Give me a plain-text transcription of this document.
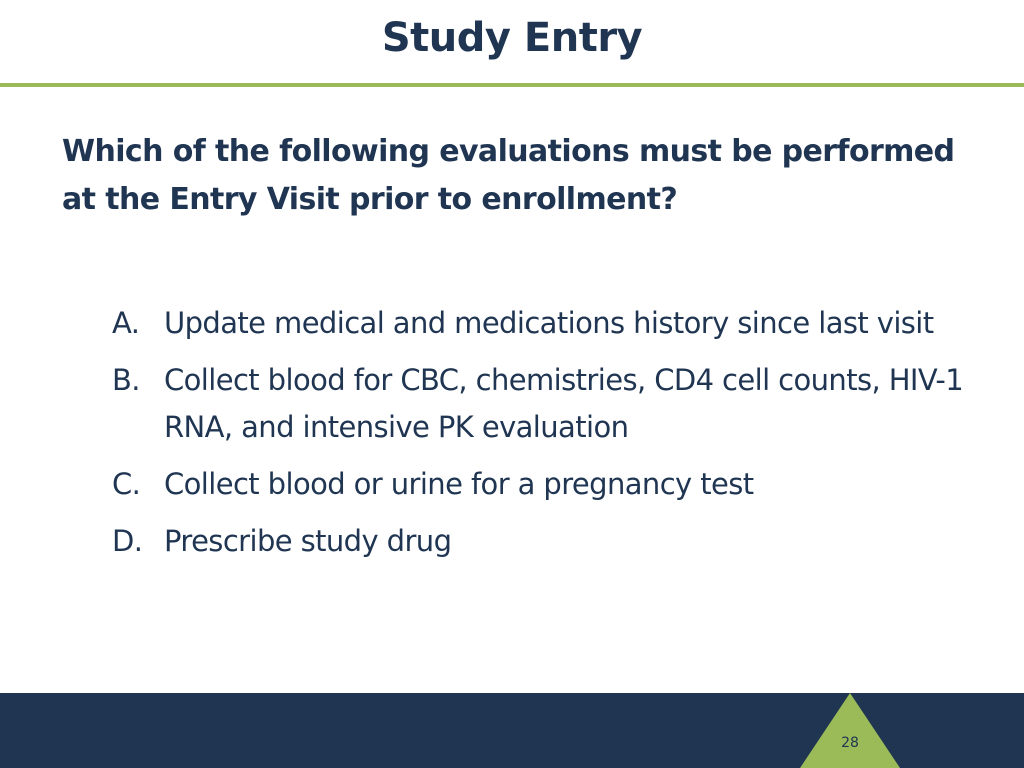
Study Entry
Which of the following evaluations must be performed at the Entry Visit prior to enrollment?
A. Update medical and medications history since last visit
B. Collect blood for CBC, chemistries, CD4 cell counts, HIV-1 RNA, and intensive PK evaluation
C. Collect blood or urine for a pregnancy test
D. Prescribe study drug
28
